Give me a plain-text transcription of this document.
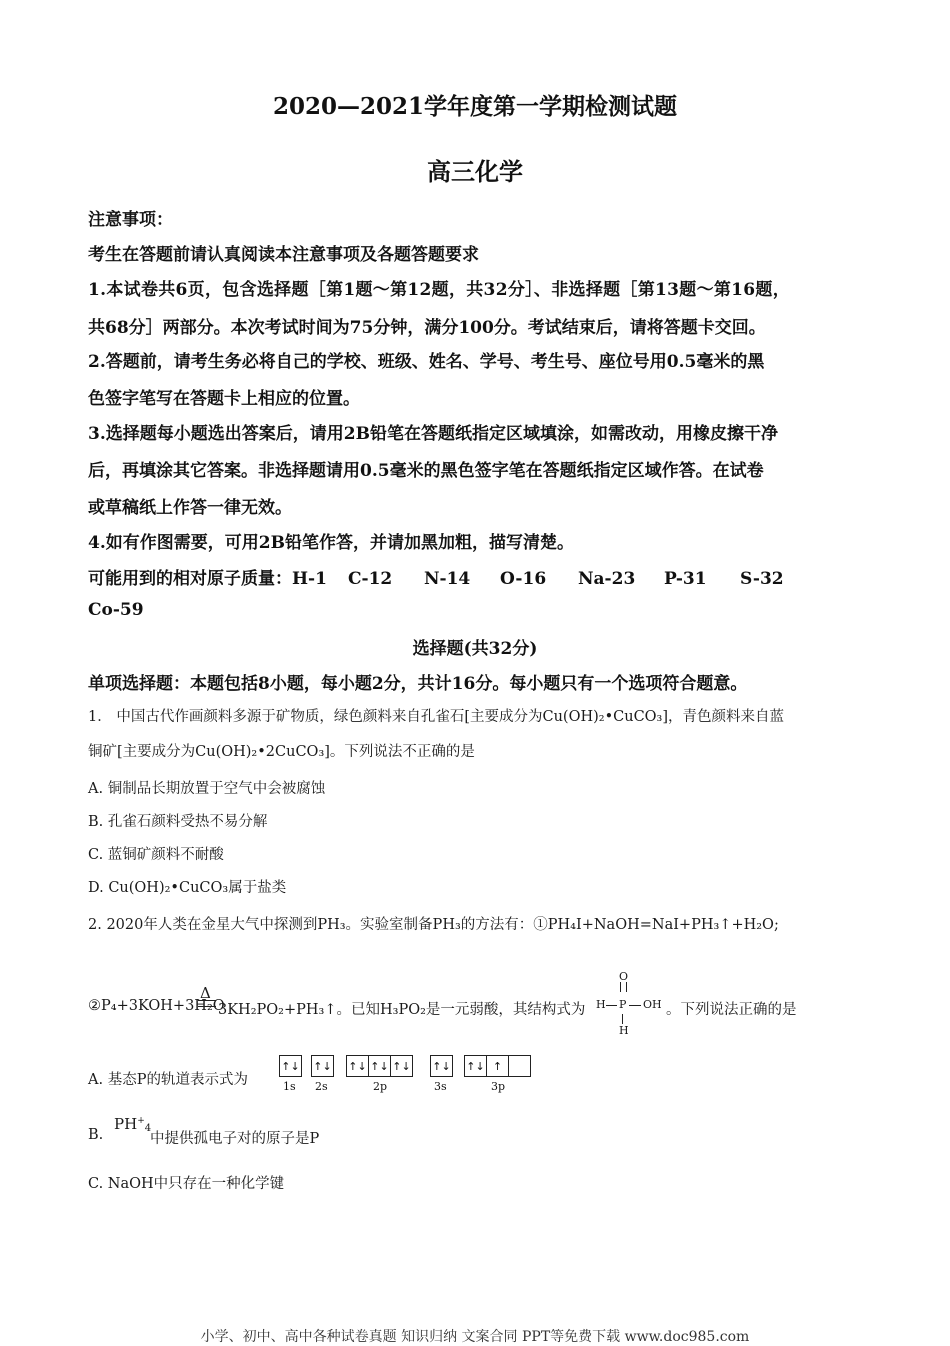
2020—2021学年度第一学期检测试题
高三化学
注意事项：
考生在答题前请认真阅读本注意事项及各题答题要求
1.本试卷共6页，包含选择题［第1题～第12题，共32分］、非选择题［第13题～第16题，
共68分］两部分。本次考试时间为75分钟，满分100分。考试结束后，请将答题卡交回。
2.答题前，请考生务必将自己的学校、班级、姓名、学号、考生号、座位号用0.5毫米的黑
色签字笔写在答题卡上相应的位置。
3.选择题每小题选出答案后，请用2B铅笔在答题纸指定区域填涂，如需改动，用橡皮擦干净
后，再填涂其它答案。非选择题请用0.5毫米的黑色签字笔在答题纸指定区域作答。在试卷
或草稿纸上作答一律无效。
4.如有作图需要，可用2B铅笔作答，并请加黑加粗，描写清楚。
可能用到的相对原子质量：H-1 C-12 N-14 O-16 Na-23 P-31 S-32
Co-59
选择题(共32分)
单项选择题：本题包括8小题，每小题2分，共计16分。每小题只有一个选项符合题意。
1． 中国古代作画颜料多源于矿物质，绿色颜料来自孔雀石[主要成分为Cu(OH)₂•CuCO₃]，青色颜料来自蓝
铜矿[主要成分为Cu(OH)₂•2CuCO₃]。下列说法不正确的是
A. 铜制品长期放置于空气中会被腐蚀
B. 孔雀石颜料受热不易分解
C. 蓝铜矿颜料不耐酸
D. Cu(OH)₂•CuCO₃属于盐类
2. 2020年人类在金星大气中探测到PH₃。实验室制备PH₃的方法有：①PH₄I+NaOH=NaI+PH₃↑+H₂O;
②P₄+3KOH+3H₂O
Δ
3KH₂PO₂+PH₃↑。已知H₃PO₂是一元弱酸，其结构式为
O
H P OH
H
。下列说法正确的是
A. 基态P的轨道表示式为
↑↓ ↑↓ ↑↓ ↑↓ ↑↓ ↑↓ ↑↓ ↑
1s 2s	2p	3s	3p
B.
$PH^+_4$
中提供孤电子对的原子是P
C. NaOH中只存在一种化学键
小学、初中、高中各种试卷真题 知识归纳 文案合同 PPT等免费下载 www.doc985.com
